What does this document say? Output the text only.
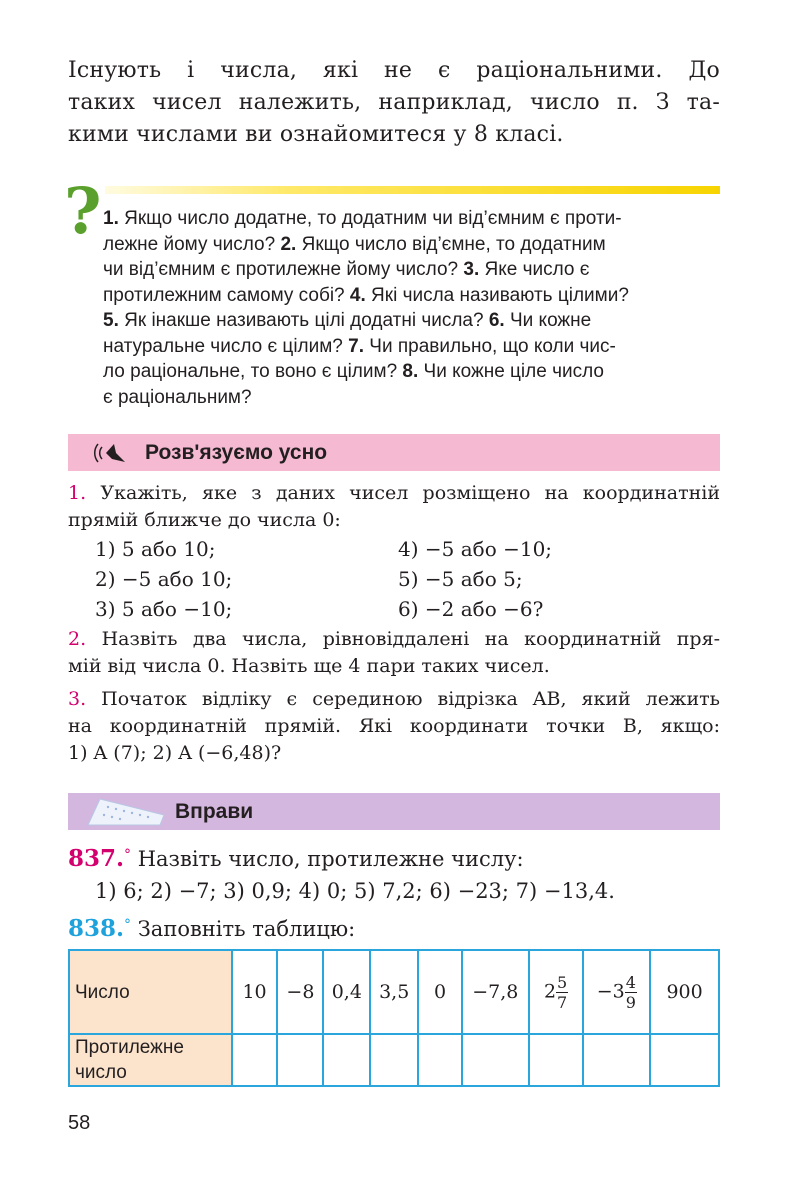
Існують і числа, які не є раціональними. До
таких чисел належить, наприклад, число π. З та-
кими числами ви ознайомитеся у 8 класі.
? 1. Якщо число додатне, то додатним чи від’ємним є проти-
лежне йому число? 2. Якщо число від’ємне, то додатним
чи від’ємним є протилежне йому число? 3. Яке число є
протилежним самому собі? 4. Які числа називають цілими?
5. Як інакше називають цілі додатні числа? 6. Чи кожне
натуральне число є цілим? 7. Чи правильно, що коли чис-
ло раціональне, то воно є цілим? 8. Чи кожне ціле число
є раціональним?
Розв'язуємо усно
1. Укажіть, яке з даних чисел розміщено на координатній
прямій ближче до числа 0:
1) 5 або 10;
2) −5 або 10;
3) 5 або −10;
4) −5 або −10;
5) −5 або 5;
6) −2 або −6?
2. Назвіть два числа, рівновіддалені на координатній пря-
мій від числа 0. Назвіть ще 4 пари таких чисел.
3. Початок відліку є серединою відрізка AB, який лежить
на координатній прямій. Які координати точки B, якщо:
1) A (7); 2) A (−6,48)?
Вправи
837.° Назвіть число, протилежне числу:
1) 6; 2) −7; 3) 0,9; 4) 0; 5) 7,2; 6) −23; 7) −13,4.
838.° Заповніть таблицю:
Число	10	−8	0,4	3,5	0	−7,8	$2 \frac{5}{7}$	$-3 \frac{4}{9}$	900
Протилежне число									
58
